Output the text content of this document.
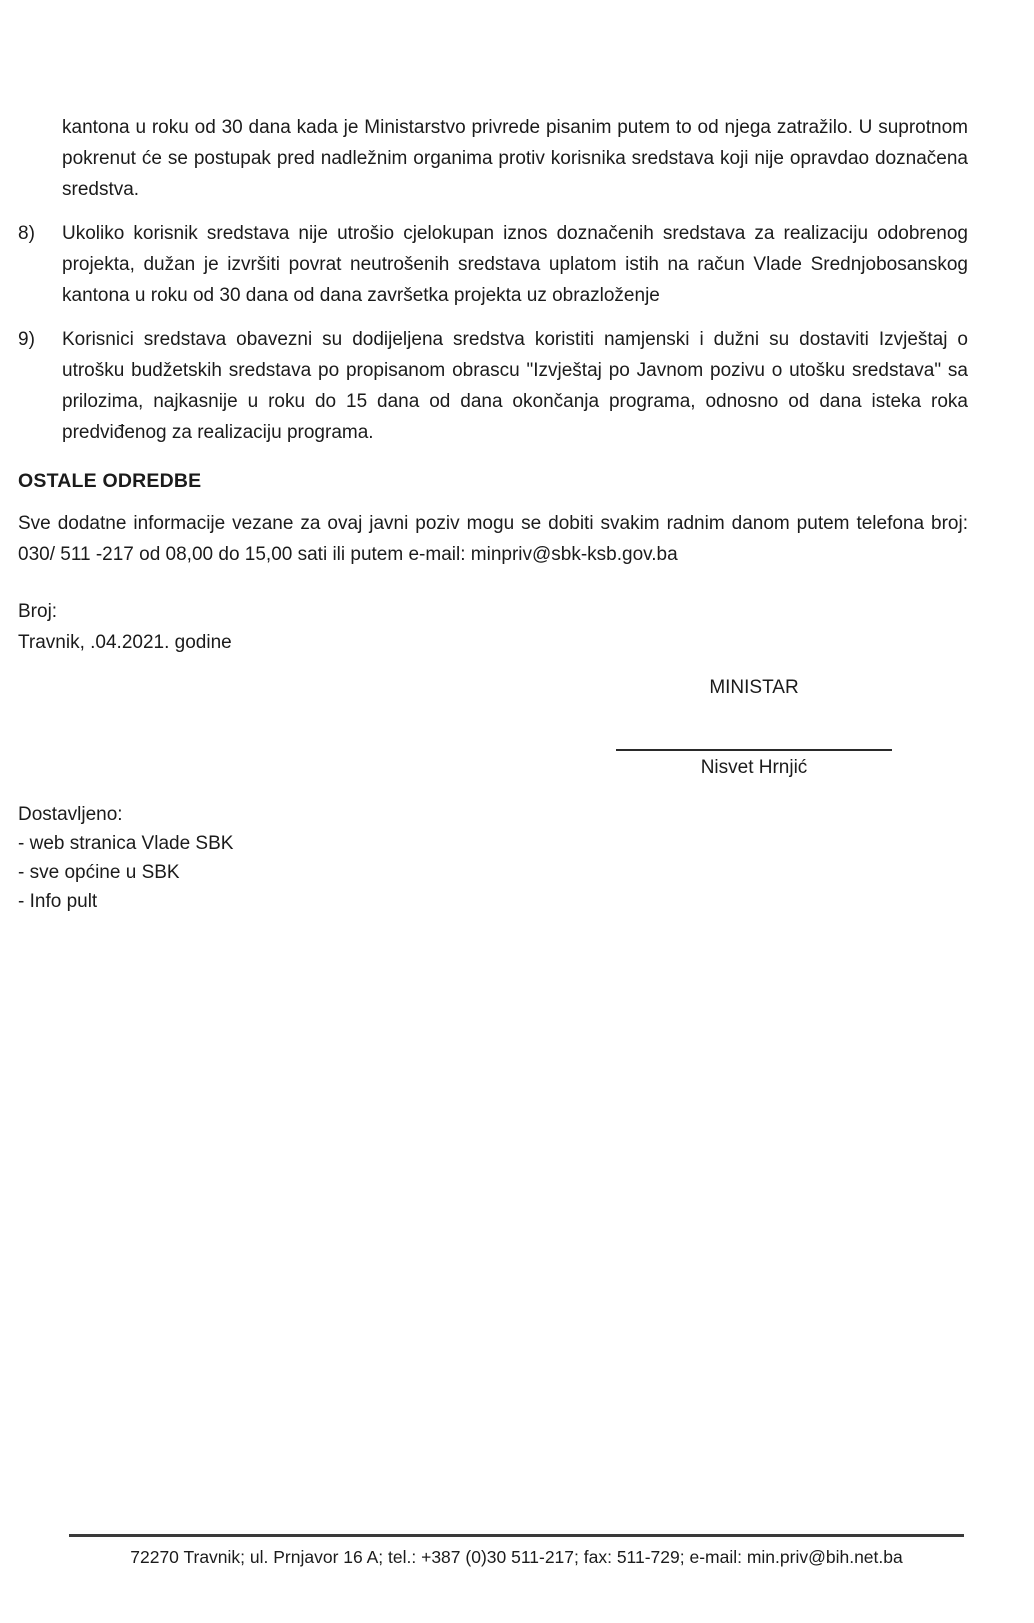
kantona u roku od 30 dana kada je Ministarstvo privrede pisanim putem to od njega zatražilo. U suprotnom pokrenut će se postupak pred nadležnim organima protiv korisnika sredstava koji nije opravdao doznačena sredstva.

8)	Ukoliko korisnik sredstava nije utrošio cjelokupan iznos doznačenih sredstava za realizaciju odobrenog projekta, dužan je izvršiti povrat neutrošenih sredstava uplatom istih na račun Vlade Srednjobosanskog kantona u roku od 30 dana od dana završetka projekta uz obrazloženje
9)	Korisnici sredstava obavezni su dodijeljena sredstva koristiti namjenski i dužni su dostaviti Izvještaj o utrošku budžetskih sredstava po propisanom obrascu "Izvještaj po Javnom pozivu o utošku sredstava" sa prilozima, najkasnije u roku do 15 dana od dana okončanja programa, odnosno od dana isteka roka predviđenog za realizaciju programa.
OSTALE ODREDBE

Sve dodatne informacije vezane za ovaj javni poziv mogu se dobiti svakim radnim danom putem telefona broj: 030/ 511 -217 od 08,00 do 15,00 sati ili putem e-mail: minpriv@sbk-ksb.gov.ba

Broj:
Travnik, .04.2021. godine
MINISTAR
Nisvet Hrnjić
Dostavljeno:
- web stranica Vlade SBK
- sve općine u SBK
- Info pult
72270 Travnik; ul. Prnjavor 16 A; tel.: +387 (0)30 511-217; fax: 511-729; e-mail: min.priv@bih.net.ba
